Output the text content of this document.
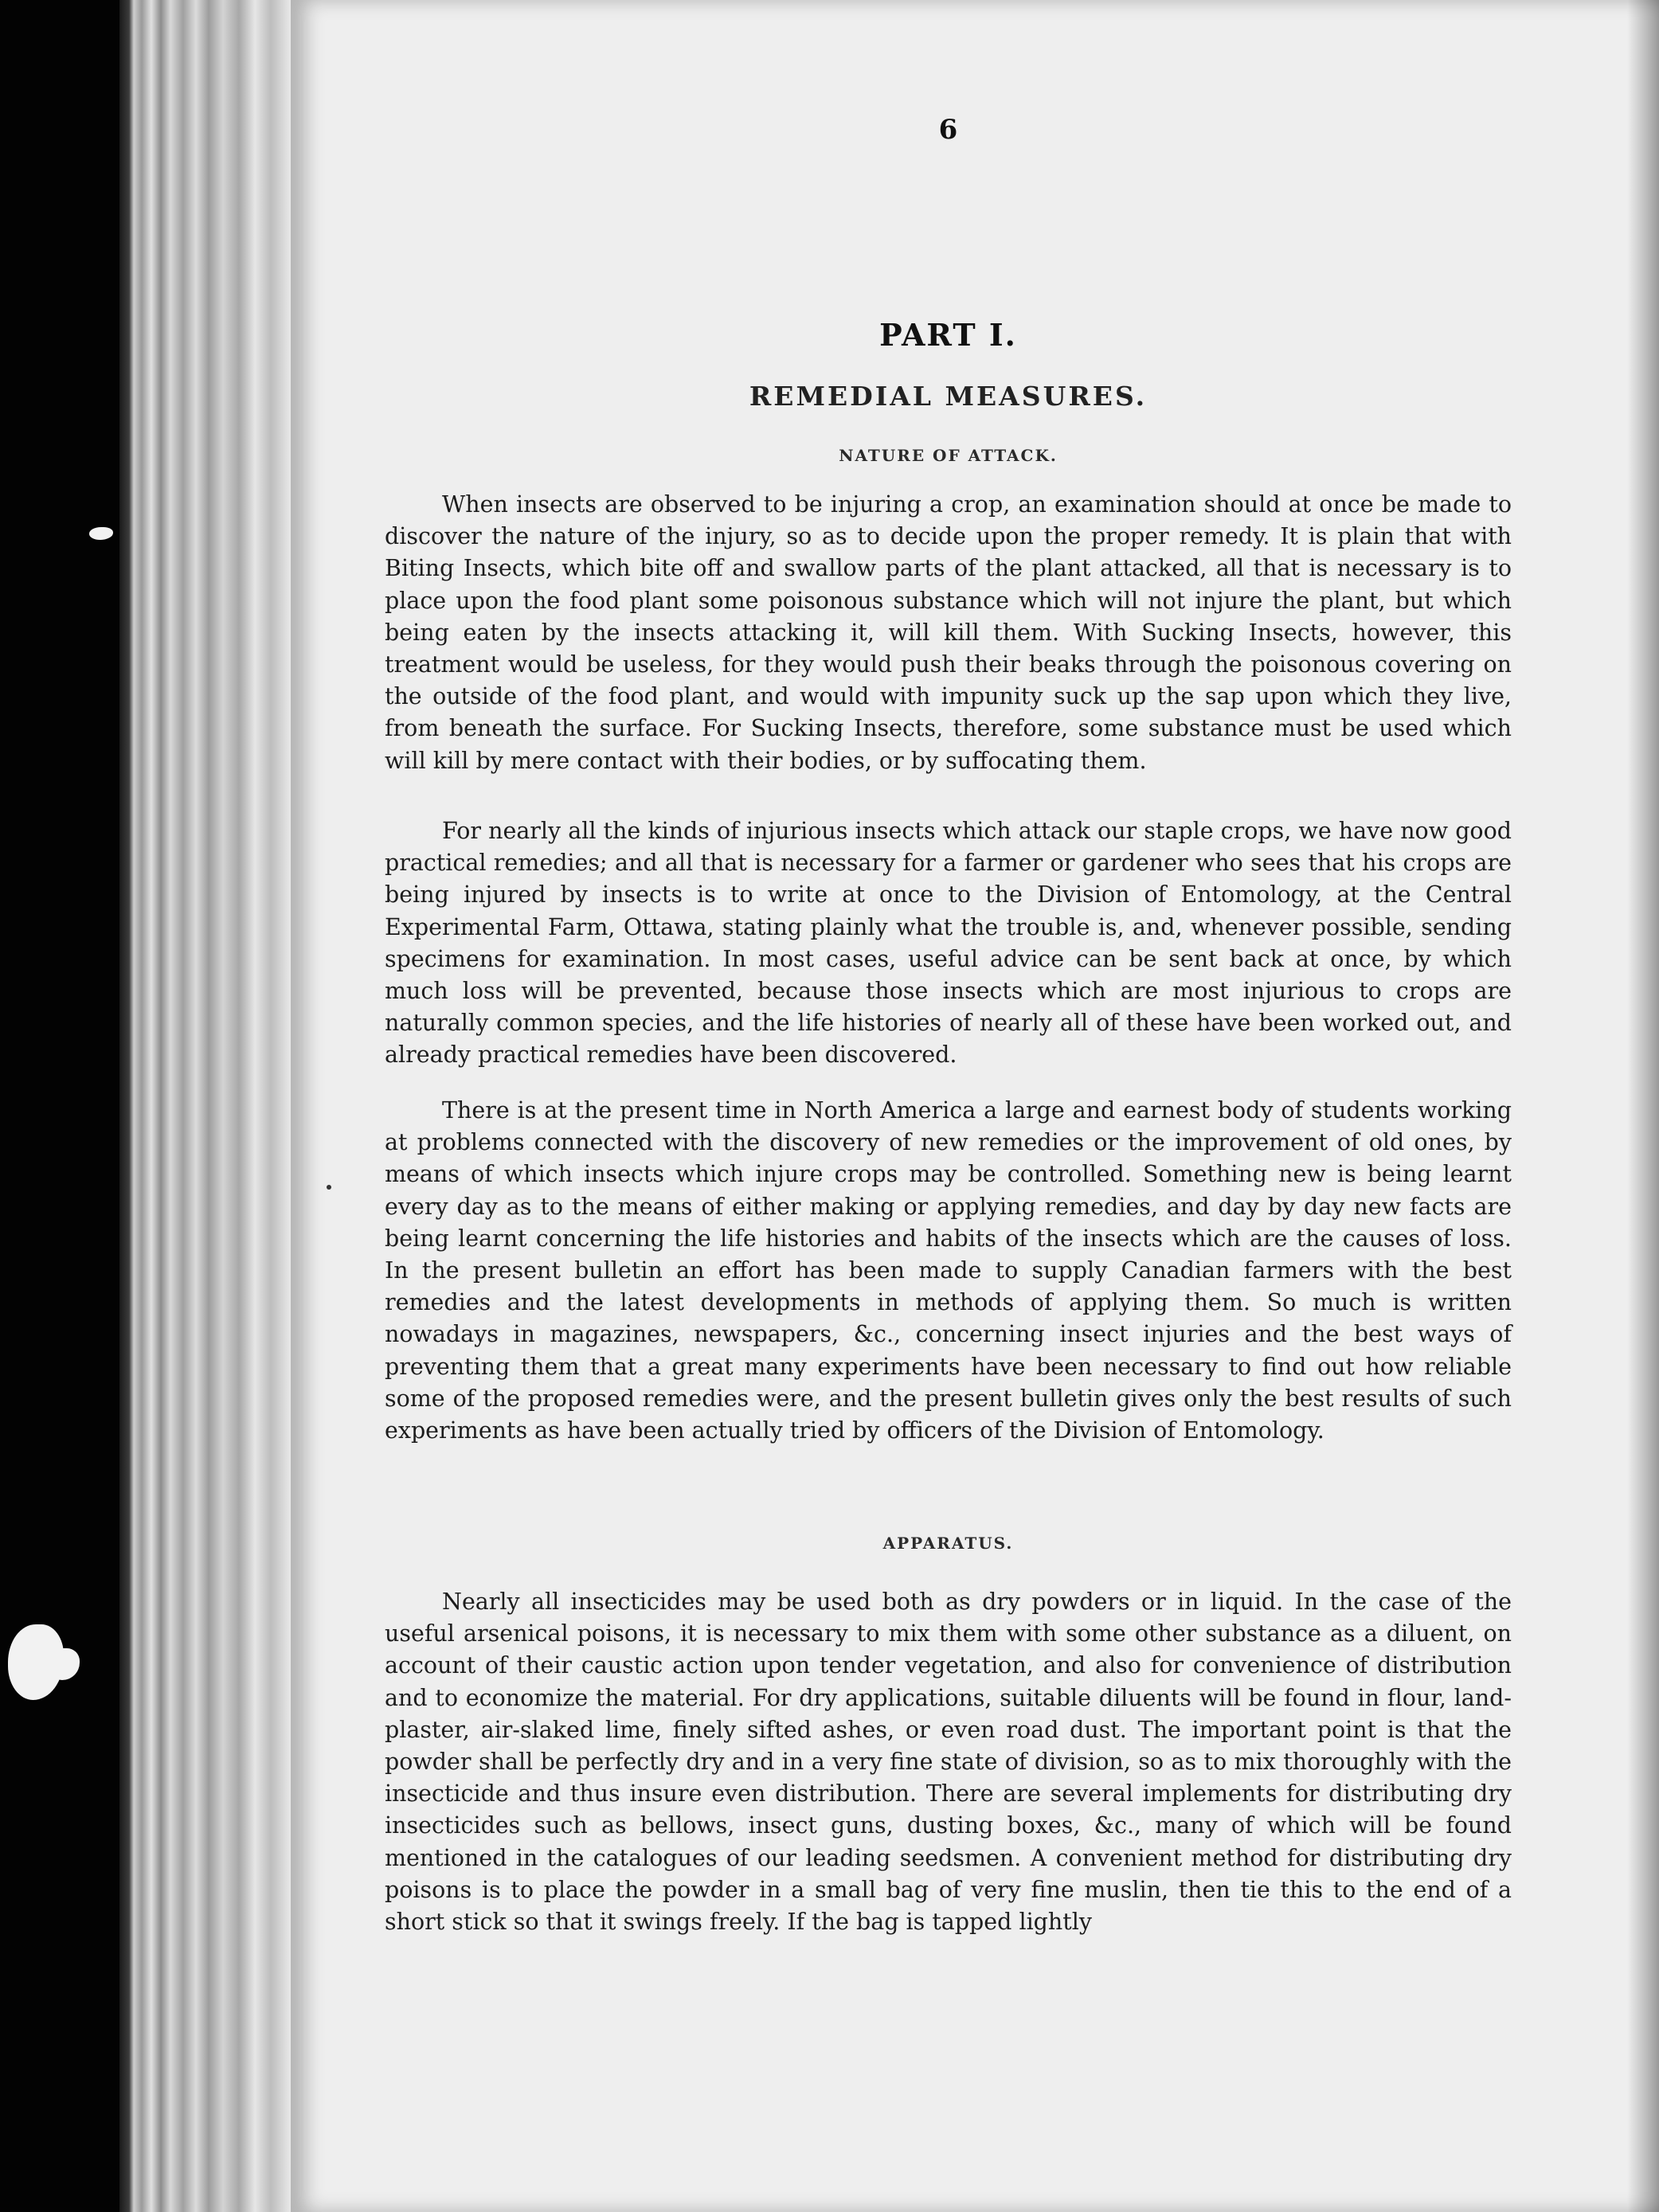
6
PART I.
REMEDIAL MEASURES.
NATURE OF ATTACK.

When insects are observed to be injuring a crop, an examination should at once be made to discover the nature of the injury, so as to decide upon the proper remedy. It is plain that with Biting Insects, which bite off and swallow parts of the plant attacked, all that is necessary is to place upon the food plant some poisonous substance which will not injure the plant, but which being eaten by the insects attacking it, will kill them. With Sucking Insects, however, this treatment would be useless, for they would push their beaks through the poisonous covering on the outside of the food plant, and would with impunity suck up the sap upon which they live, from beneath the surface. For Sucking Insects, therefore, some substance must be used which will kill by mere contact with their bodies, or by suffocating them.

For nearly all the kinds of injurious insects which attack our staple crops, we have now good practical remedies; and all that is necessary for a farmer or gardener who sees that his crops are being injured by insects is to write at once to the Division of Entomology, at the Central Experimental Farm, Ottawa, stating plainly what the trouble is, and, whenever possible, sending specimens for examination. In most cases, useful advice can be sent back at once, by which much loss will be prevented, because those insects which are most injurious to crops are naturally common species, and the life histories of nearly all of these have been worked out, and already practical remedies have been discovered.

There is at the present time in North America a large and earnest body of students working at problems connected with the discovery of new remedies or the improvement of old ones, by means of which insects which injure crops may be controlled. Something new is being learnt every day as to the means of either making or applying remedies, and day by day new facts are being learnt concerning the life histories and habits of the insects which are the causes of loss. In the present bulletin an effort has been made to supply Canadian farmers with the best remedies and the latest developments in methods of applying them. So much is written nowadays in magazines, newspapers, &c., concerning insect injuries and the best ways of preventing them that a great many experiments have been necessary to find out how reliable some of the proposed remedies were, and the present bulletin gives only the best results of such experiments as have been actually tried by officers of the Division of Entomology.

APPARATUS.

Nearly all insecticides may be used both as dry powders or in liquid. In the case of the useful arsenical poisons, it is necessary to mix them with some other substance as a diluent, on account of their caustic action upon tender vegetation, and also for convenience of distribution and to economize the material. For dry applications, suitable diluents will be found in flour, land-plaster, air-slaked lime, finely sifted ashes, or even road dust. The important point is that the powder shall be perfectly dry and in a very fine state of division, so as to mix thoroughly with the insecticide and thus insure even distribution. There are several implements for distributing dry insecticides such as bellows, insect guns, dusting boxes, &c., many of which will be found mentioned in the catalogues of our leading seedsmen. A convenient method for distributing dry poisons is to place the powder in a small bag of very fine muslin, then tie this to the end of a short stick so that it swings freely. If the bag is tapped lightly
